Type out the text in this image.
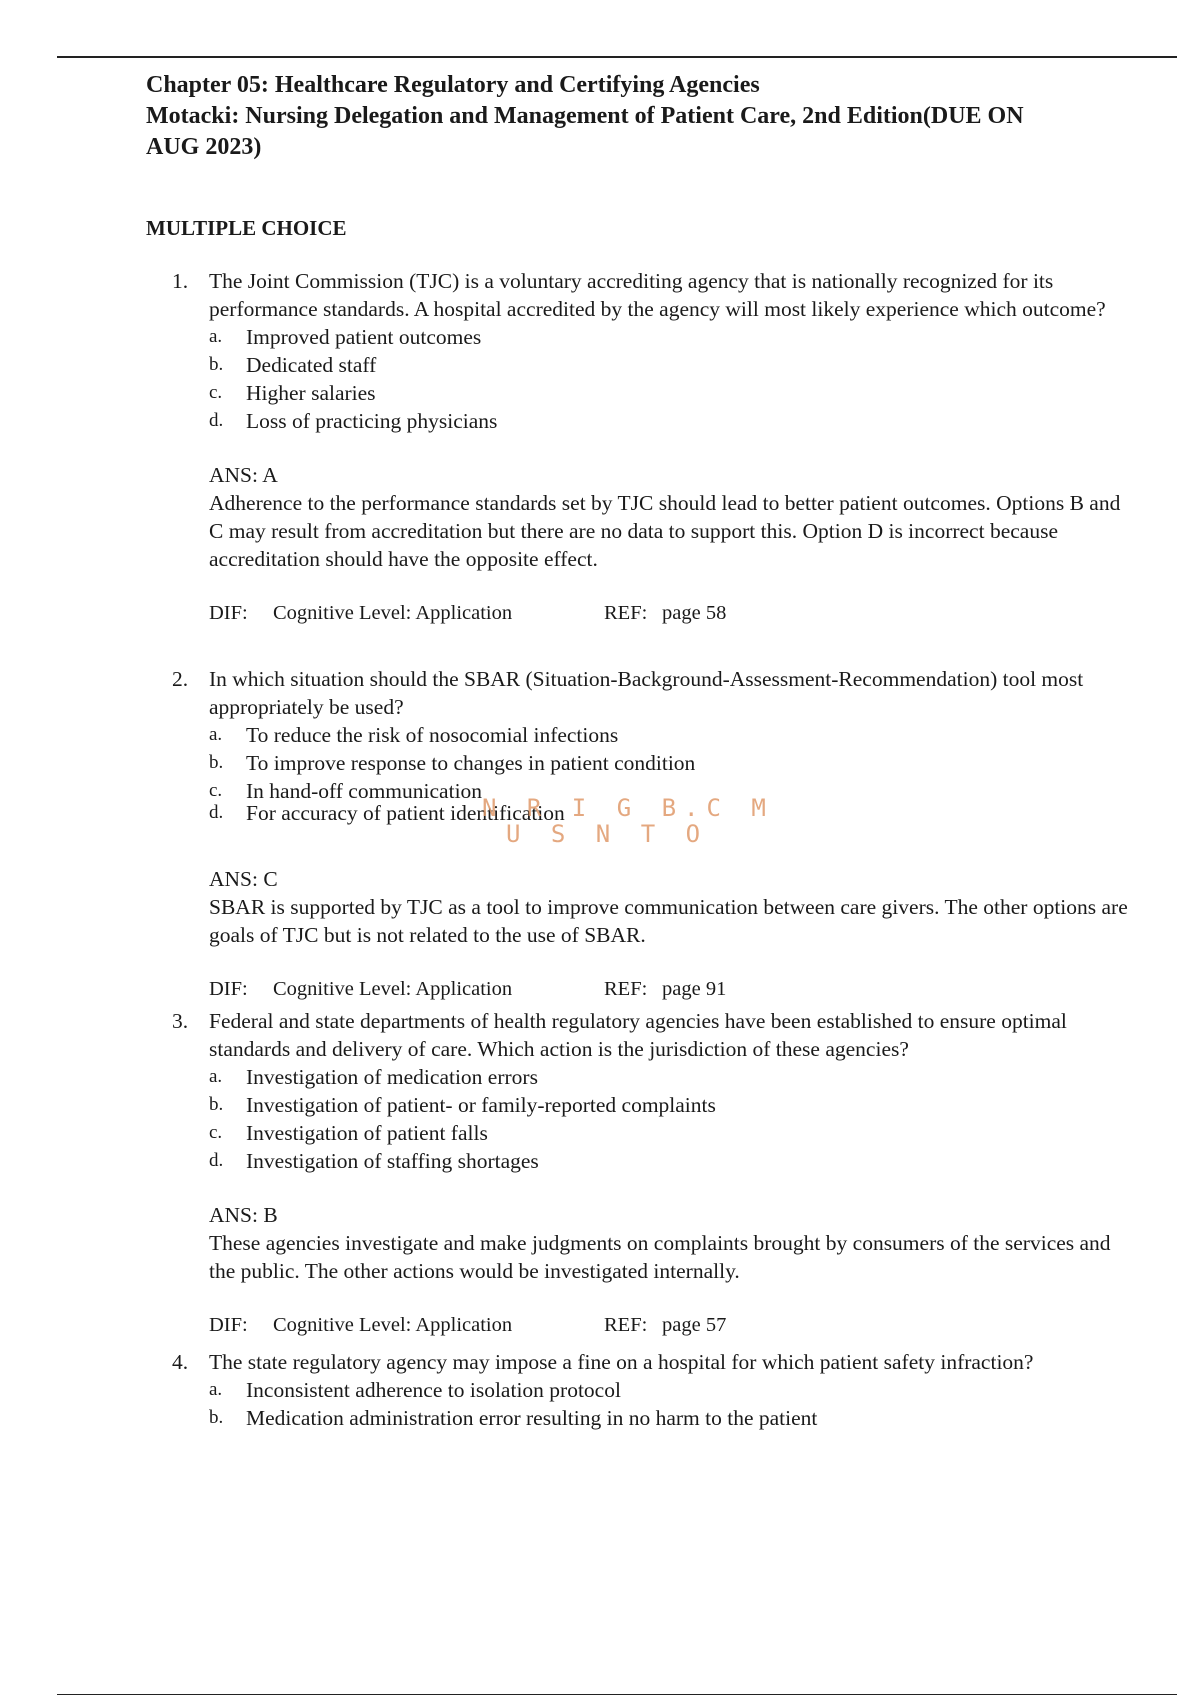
Chapter 05: Healthcare Regulatory and Certifying Agencies
Motacki: Nursing Delegation and Management of Patient Care, 2nd Edition(DUE ON
AUG 2023)
MULTIPLE CHOICE
1. The Joint Commission (TJC) is a voluntary accrediting agency that is nationally recognized for its performance standards. A hospital accredited by the agency will most likely experience which outcome?
a. Improved patient outcomes
b. Dedicated staff
c. Higher salaries
d. Loss of practicing physicians
ANS: A
Adherence to the performance standards set by TJC should lead to better patient outcomes. Options B and C may result from accreditation but there are no data to support this. Option D is incorrect because accreditation should have the opposite effect.
DIF:	Cognitive Level: Application	REF: page 58
2. In which situation should the SBAR (Situation-Background-Assessment-Recommendation) tool most appropriately be used?
a. To reduce the risk of nosocomial infections
b. To improve response to changes in patient condition
c. In hand-off communication
d. For accuracy of patient identification
ANS: C
SBAR is supported by TJC as a tool to improve communication between care givers. The other options are goals of TJC but is not related to the use of SBAR.
DIF:	Cognitive Level: Application	REF: page 91
3. Federal and state departments of health regulatory agencies have been established to ensure optimal standards and delivery of care. Which action is the jurisdiction of these agencies?
a. Investigation of medication errors
b. Investigation of patient- or family-reported complaints
c. Investigation of patient falls
d. Investigation of staffing shortages
ANS: B
These agencies investigate and make judgments on complaints brought by consumers of the services and the public. The other actions would be investigated internally.
DIF:	Cognitive Level: Application	REF: page 57
4. The state regulatory agency may impose a fine on a hospital for which patient safety infraction?
a. Inconsistent adherence to isolation protocol
b. Medication administration error resulting in no harm to the patient
N R I G B.C M
U S N T O
